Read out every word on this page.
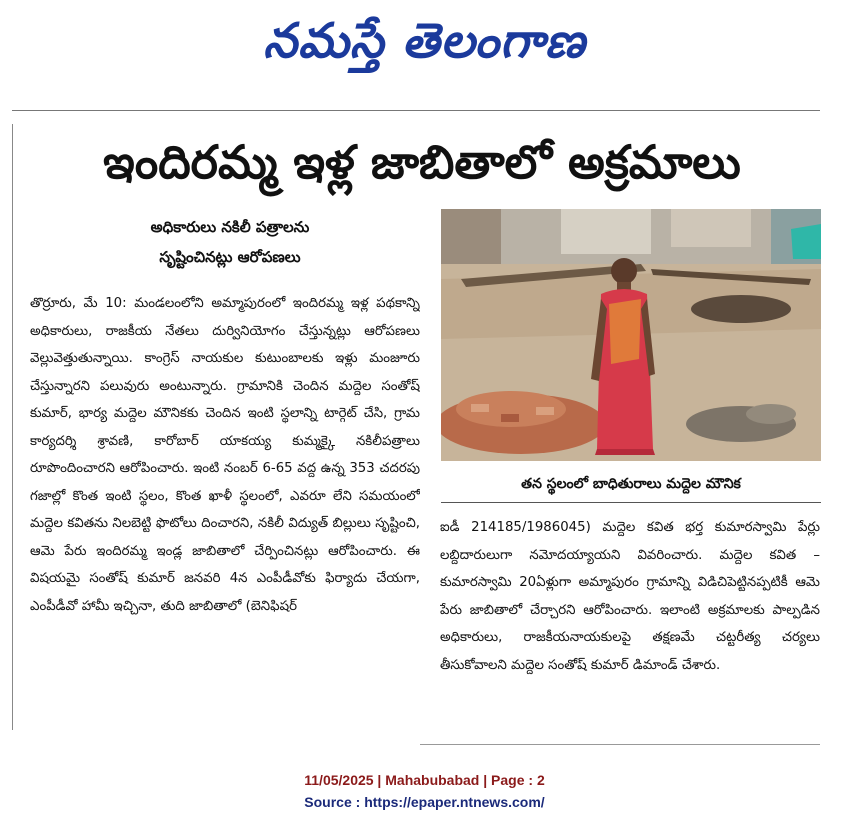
నమస్తే తెలంగాణ
ఇందిరమ్మ ఇళ్ల జాబితాలో అక్రమాలు
అధికారులు నకిలీ పత్రాలను
సృష్టించినట్లు ఆరోపణలు
తొర్రూరు, మే 10: మండలంలోని అమ్మాపురంలో ఇందిరమ్మ ఇళ్ల పథకాన్ని అధికారులు, రాజకీయ నేతలు దుర్వినియోగం చేస్తున్నట్లు ఆరోపణలు వెల్లువెత్తుతున్నాయి. కాంగ్రెస్ నాయకుల కుటుంబాలకు ఇళ్లు మంజూరు చేస్తున్నారని పలువురు అంటున్నారు. గ్రామానికి చెందిన మద్దెల సంతోష్ కుమార్, భార్య మద్దెల మౌనికకు చెందిన ఇంటి స్థలాన్ని టార్గెట్ చేసి, గ్రామ కార్యదర్శి శ్రావణి, కారోబార్ యాకయ్య కుమ్మక్కై నకిలీపత్రాలు రూపొందించారని ఆరోపించారు. ఇంటి నంబర్ 6-65 వద్ద ఉన్న 353 చదరపు గజాల్లో కొంత ఇంటి స్థలం, కొంత ఖాళీ స్థలంలో, ఎవరూ లేని సమయంలో మద్దెల కవితను నిలబెట్టి ఫొటోలు దించారని, నకిలీ విద్యుత్ బిల్లులు సృష్టించి, ఆమె పేరు ఇందిరమ్మ ఇండ్ల జాబితాలో చేర్పించినట్లు ఆరోపించారు. ఈ విషయమై సంతోష్ కుమార్ జనవరి 4న ఎంపీడీవోకు ఫిర్యాదు చేయగా, ఎంపీడీవో హామీ ఇచ్చినా, తుది జాబితాలో (బెనిఫిషర్
తన స్థలంలో బాధితురాలు మద్దెల మౌనిక
ఐడీ 214185/1986045) మద్దెల కవిత భర్త కుమారస్వామి పేర్లు లబ్దిదారులుగా నమోదయ్యాయని వివరించారు. మద్దెల కవిత – కుమారస్వామి 20ఏళ్లుగా అమ్మాపురం గ్రామాన్ని విడిచిపెట్టినప్పటికీ ఆమె పేరు జాబితాలో చేర్చారని ఆరోపించారు. ఇలాంటి అక్రమాలకు పాల్పడిన అధికారులు, రాజకీయనాయకులపై తక్షణమే చట్టరీత్య చర్యలు తీసుకోవాలని మద్దెల సంతోష్ కుమార్ డిమాండ్ చేశారు.
11/05/2025 | Mahabubabad | Page : 2
Source : https://epaper.ntnews.com/
